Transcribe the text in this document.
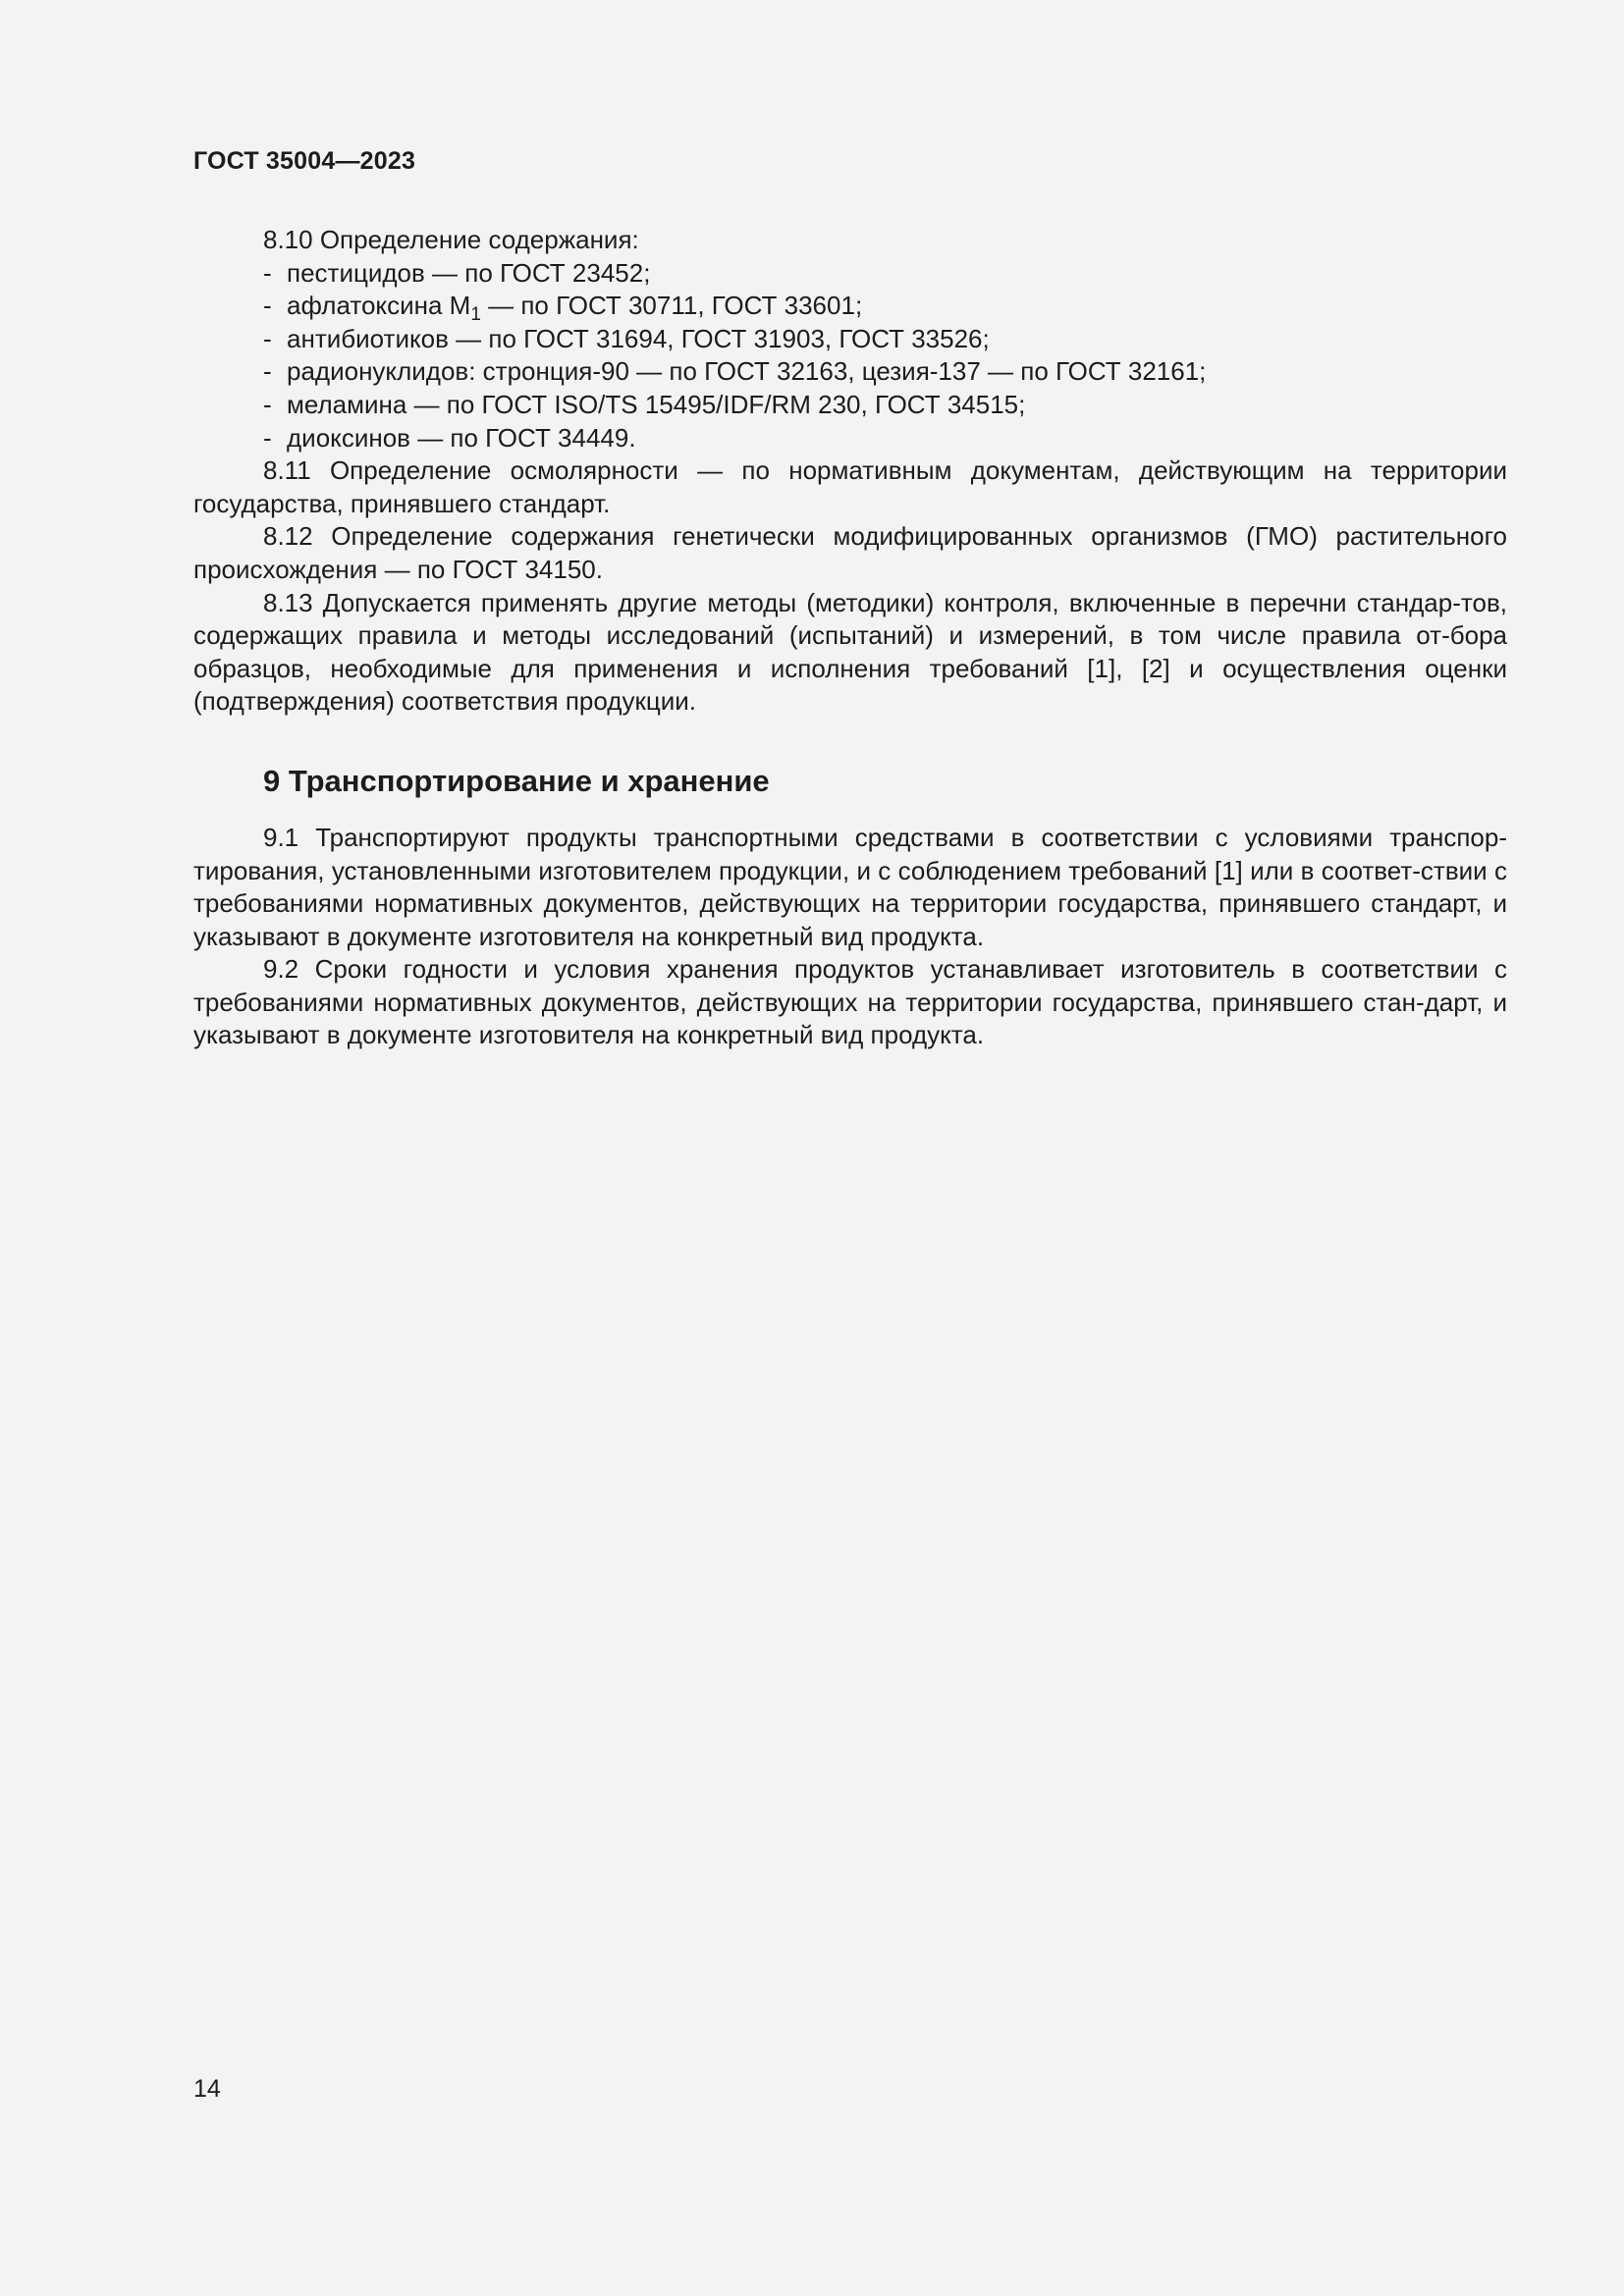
ГОСТ 35004—2023

8.10 Определение содержания:

- пестицидов — по ГОСТ 23452;
- афлатоксина $М_1$ — по ГОСТ 30711, ГОСТ 33601;
- антибиотиков — по ГОСТ 31694, ГОСТ 31903, ГОСТ 33526;
- радионуклидов: стронция-90 — по ГОСТ 32163, цезия-137 — по ГОСТ 32161;
- меламина — по ГОСТ ISO/TS 15495/IDF/RM 230, ГОСТ 34515;
- диоксинов — по ГОСТ 34449.

8.11 Определение осмолярности — по нормативным документам, действующим на территории государства, принявшего стандарт.

8.12 Определение содержания генетически модифицированных организмов (ГМО) растительного происхождения — по ГОСТ 34150.

8.13 Допускается применять другие методы (методики) контроля, включенные в перечни стандар-тов, содержащих правила и методы исследований (испытаний) и измерений, в том числе правила от-бора образцов, необходимые для применения и исполнения требований [1], [2] и осуществления оценки (подтверждения) соответствия продукции.

9 Транспортирование и хранение

9.1 Транспортируют продукты транспортными средствами в соответствии с условиями транспор-тирования, установленными изготовителем продукции, и с соблюдением требований [1] или в соответ-ствии с требованиями нормативных документов, действующих на территории государства, принявшего стандарт, и указывают в документе изготовителя на конкретный вид продукта.

9.2 Сроки годности и условия хранения продуктов устанавливает изготовитель в соответствии с требованиями нормативных документов, действующих на территории государства, принявшего стан-дарт, и указывают в документе изготовителя на конкретный вид продукта.

14
